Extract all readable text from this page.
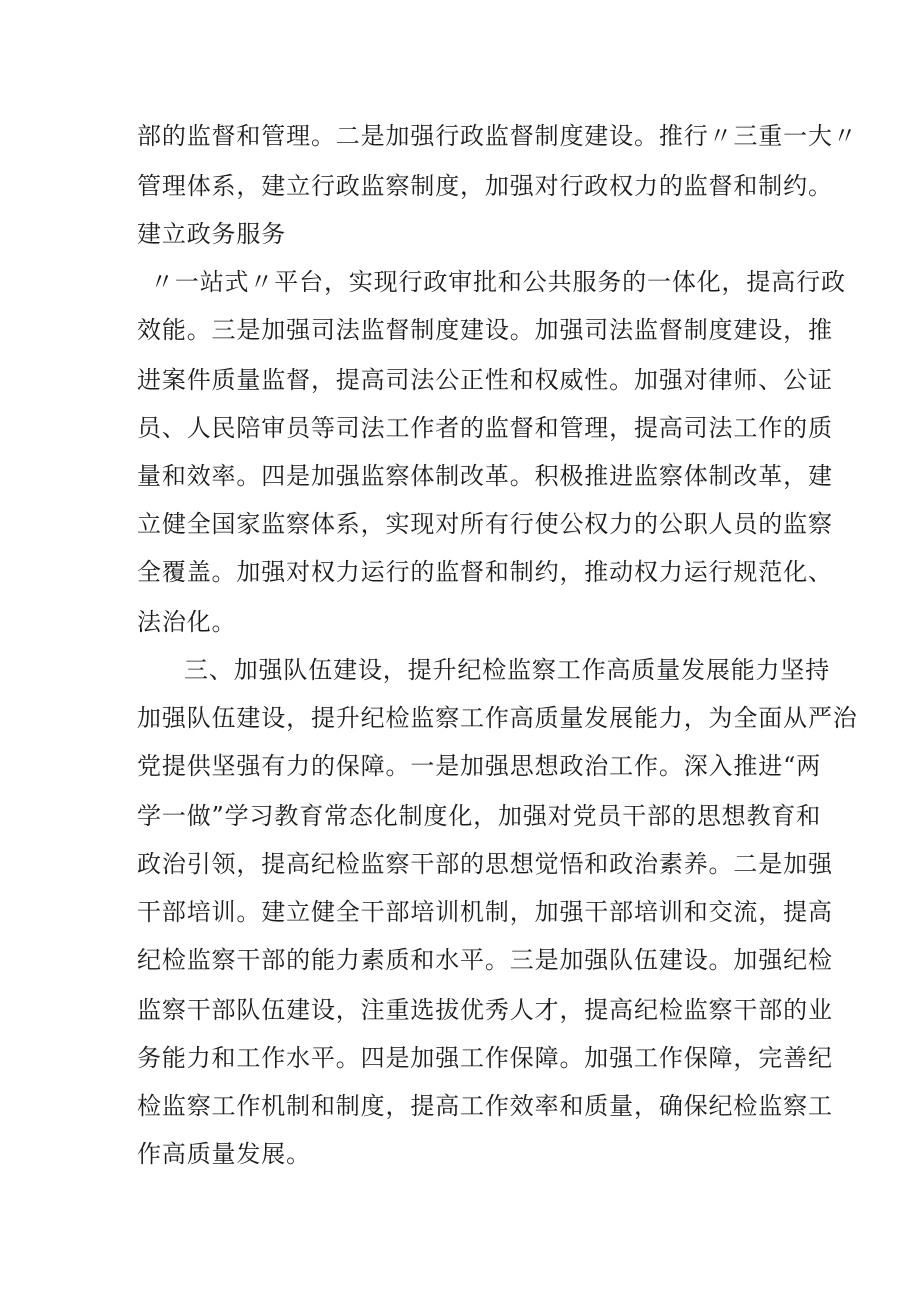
部的监督和管理。二是加强行政监督制度建设。推行〃三重一大〃

管理体系，建立行政监察制度，加强对行政权力的监督和制约。

建立政务服务

〃一站式〃平台，实现行政审批和公共服务的一体化，提高行政

效能。三是加强司法监督制度建设。加强司法监督制度建设，推

进案件质量监督，提高司法公正性和权威性。加强对律师、公证

员、人民陪审员等司法工作者的监督和管理，提高司法工作的质

量和效率。四是加强监察体制改革。积极推进监察体制改革，建

立健全国家监察体系，实现对所有行使公权力的公职人员的监察

全覆盖。加强对权力运行的监督和制约，推动权力运行规范化、

法治化。

三、加强队伍建设，提升纪检监察工作高质量发展能力坚持

加强队伍建设，提升纪检监察工作高质量发展能力，为全面从严治

党提供坚强有力的保障。一是加强思想政治工作。深入推进“两

学一做”学习教育常态化制度化，加强对党员干部的思想教育和

政治引领，提高纪检监察干部的思想觉悟和政治素养。二是加强

干部培训。建立健全干部培训机制，加强干部培训和交流，提高

纪检监察干部的能力素质和水平。三是加强队伍建设。加强纪检

监察干部队伍建设，注重选拔优秀人才，提高纪检监察干部的业

务能力和工作水平。四是加强工作保障。加强工作保障，完善纪

检监察工作机制和制度，提高工作效率和质量，确保纪检监察工

作高质量发展。
